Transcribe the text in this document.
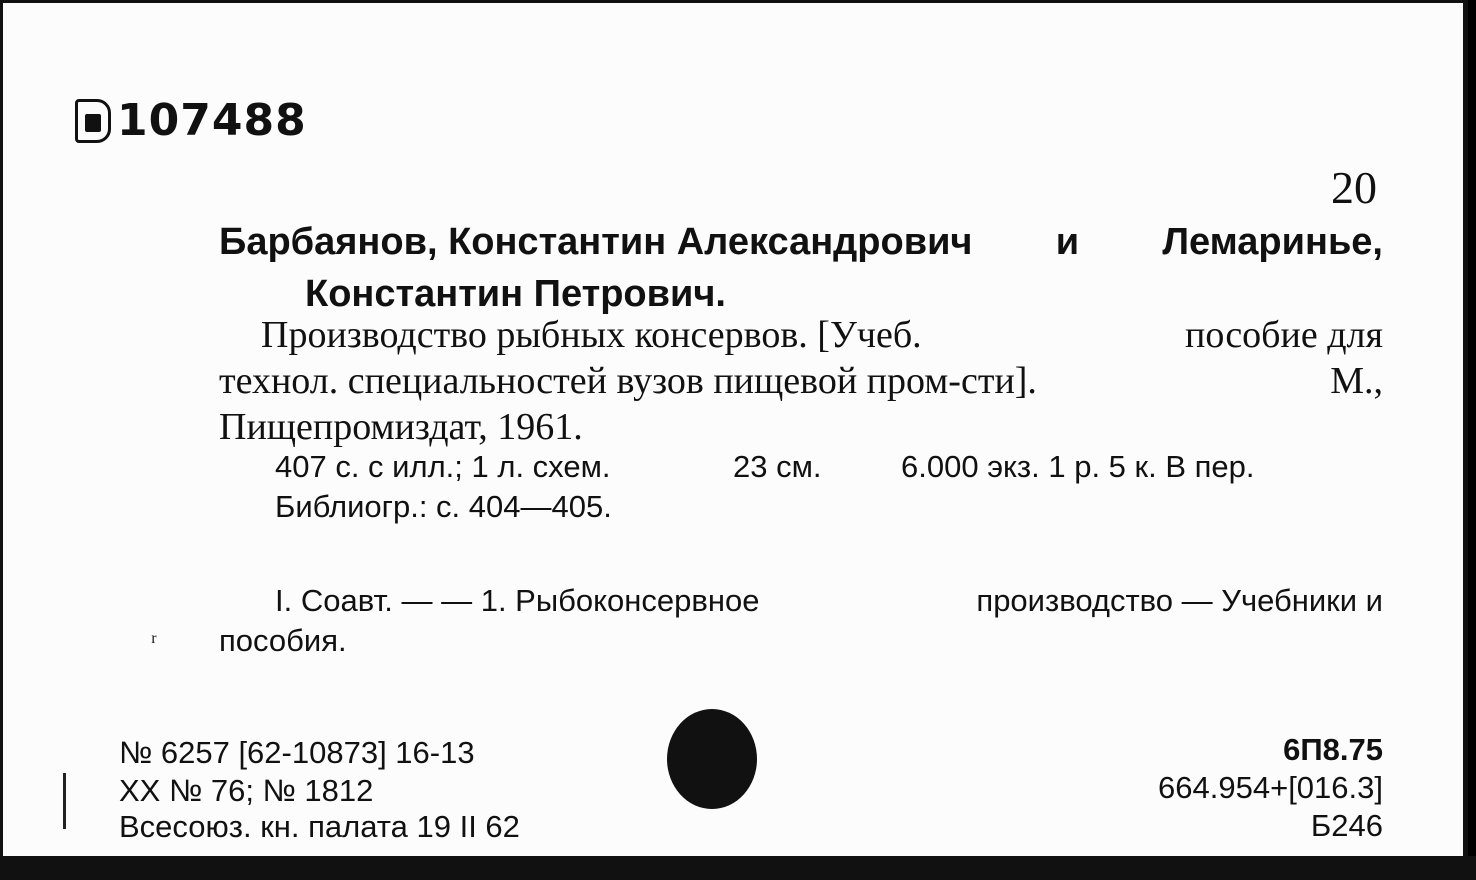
107488
20
Барбаянов, Константин Александрович и Лемаринье,
Константин Петрович.
Производство рыбных консервов. [Учеб.	пособие для
технол. специальностей вузов пищевой пром-сти].	М.,
Пищепромиздат, 1961.
407 с. с илл.; 1 л. схем.	23 см.	6.000 экз. 1 р. 5 к. В пер.
Библиогр.: с. 404—405.
I. Соавт. — — 1. Рыбоконсервное	производство — Учебники и
пособия.
ʳ
№ 6257 [62-10873] 16-13
XX № 76; № 1812
Всесоюз. кн. палата 19 II 62
6П8.75
664.954+[016.3]
Б246
